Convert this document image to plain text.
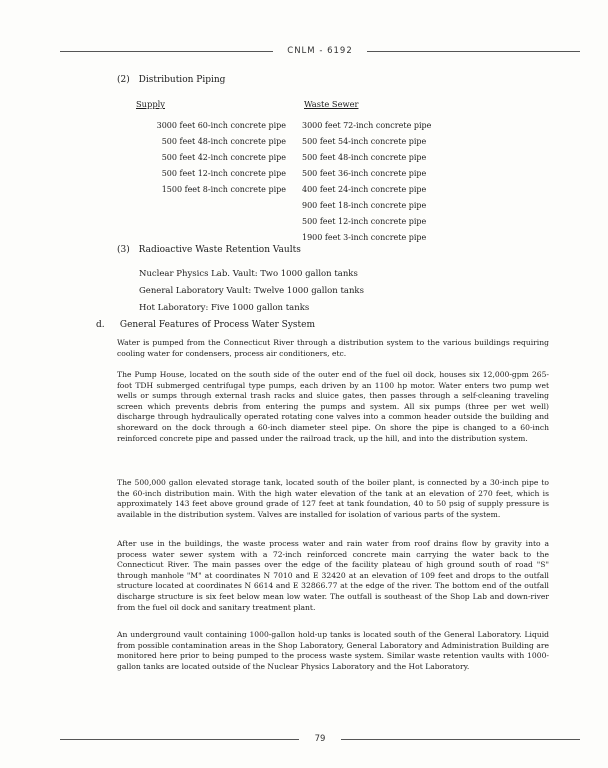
CNLM - 6192
(2) Distribution Piping
Supply	Waste Sewer
3000 feet 60-inch concrete pipe
500 feet 48-inch concrete pipe
500 feet 42-inch concrete pipe
500 feet 12-inch concrete pipe
1500 feet 8-inch concrete pipe
3000 feet 72-inch concrete pipe
500 feet 54-inch concrete pipe
500 feet 48-inch concrete pipe
500 feet 36-inch concrete pipe
400 feet 24-inch concrete pipe
900 feet 18-inch concrete pipe
500 feet 12-inch concrete pipe
1900 feet 3-inch concrete pipe
(3) Radioactive Waste Retention Vaults
Nuclear Physics Lab. Vault: Two 1000 gallon tanks
General Laboratory Vault: Twelve 1000 gallon tanks
Hot Laboratory: Five 1000 gallon tanks
d. General Features of Process Water System

Water is pumped from the Connecticut River through a distribution system to the various buildings requiring cooling water for condensers, process air conditioners, etc.

The Pump House, located on the south side of the outer end of the fuel oil dock, houses six 12,000-gpm 265-foot TDH submerged centrifugal type pumps, each driven by an 1100 hp motor. Water enters two pump wet wells or sumps through external trash racks and sluice gates, then passes through a self-cleaning traveling screen which prevents debris from entering the pumps and system. All six pumps (three per wet well) discharge through hydraulically operated rotating cone valves into a common header outside the building and shoreward on the dock through a 60-inch diameter steel pipe. On shore the pipe is changed to a 60-inch reinforced concrete pipe and passed under the railroad track, up the hill, and into the distribution system.

The 500,000 gallon elevated storage tank, located south of the boiler plant, is connected by a 30-inch pipe to the 60-inch distribution main. With the high water elevation of the tank at an elevation of 270 feet, which is approximately 143 feet above ground grade of 127 feet at tank foundation, 40 to 50 psig of supply pressure is available in the distribution system. Valves are installed for isolation of various parts of the system.

After use in the buildings, the waste process water and rain water from roof drains flow by gravity into a process water sewer system with a 72-inch reinforced concrete main carrying the water back to the Connecticut River. The main passes over the edge of the facility plateau of high ground south of road "S" through manhole "M" at coordinates N 7010 and E 32420 at an elevation of 109 feet and drops to the outfall structure located at coordinates N 6614 and E 32866.77 at the edge of the river. The bottom end of the outfall discharge structure is six feet below mean low water. The outfall is southeast of the Shop Lab and down-river from the fuel oil dock and sanitary treatment plant.

An underground vault containing 1000-gallon hold-up tanks is located south of the General Laboratory. Liquid from possible contamination areas in the Shop Laboratory, General Laboratory and Administration Building are monitored here prior to being pumped to the process waste system. Similar waste retention vaults with 1000-gallon tanks are located outside of the Nuclear Physics Laboratory and the Hot Laboratory.

79
